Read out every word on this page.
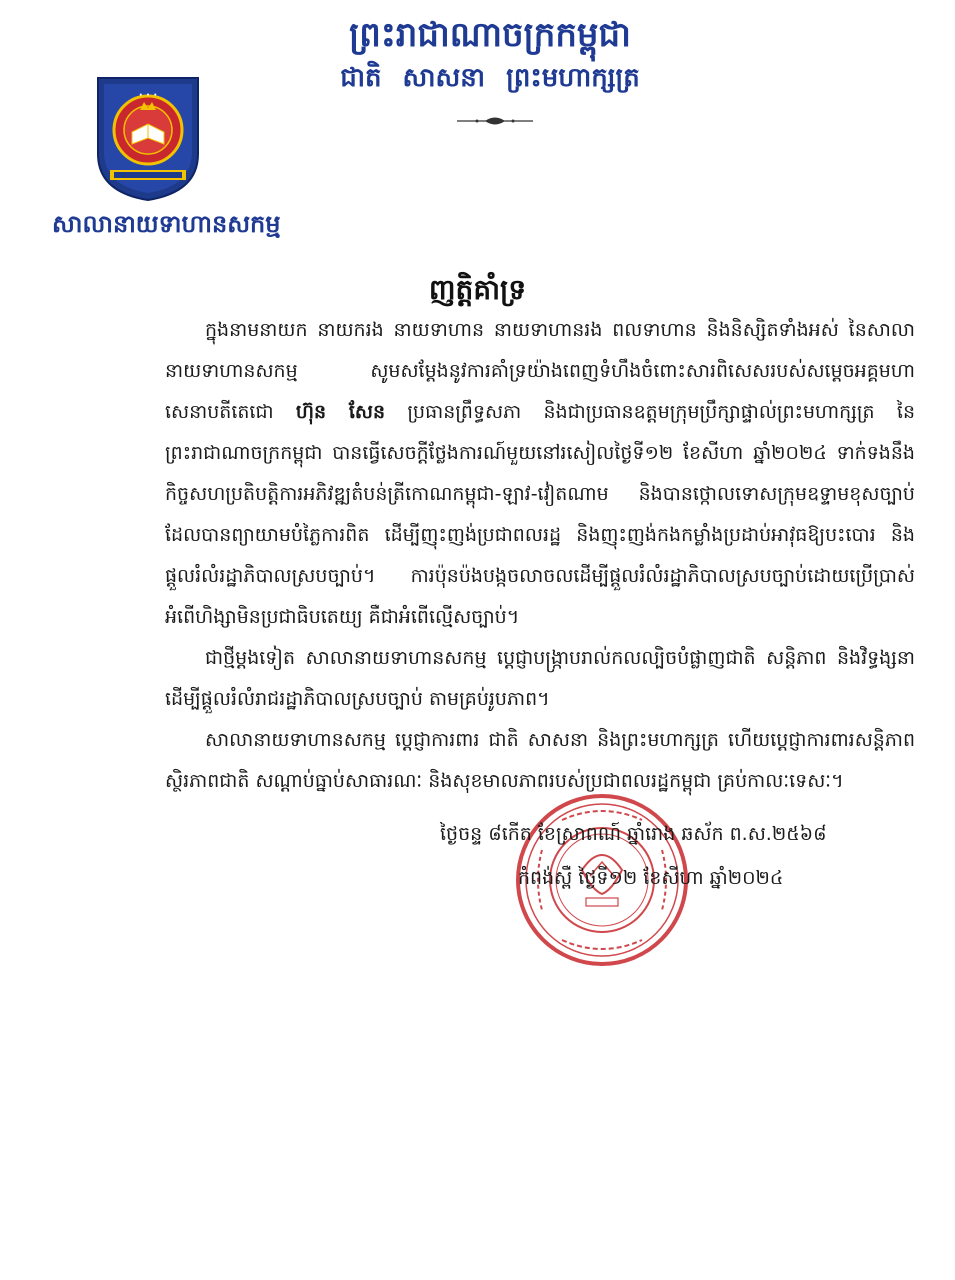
ព្រះរាជាណាចក្រកម្ពុជា
ជាតិ សាសនា ព្រះមហាក្សត្រ
· · ·
សាលានាយទាហានសកម្ម
ញត្តិគាំទ្រ

ក្នុងនាមនាយក នាយករង នាយទាហាន នាយទាហានរង ពលទាហាន និងនិស្សិតទាំងអស់ នៃសាលានាយទាហានសកម្ម សូមសម្តែងនូវការគាំទ្រយ៉ាងពេញទំហឹងចំពោះសារពិសេសរបស់សម្តេចអគ្គមហាសេនាបតីតេជោ ហ៊ុន សែន ប្រធានព្រឹទ្ធសភា និងជាប្រធានឧត្តមក្រុមប្រឹក្សាផ្ទាល់ព្រះមហាក្សត្រ នៃព្រះរាជាណាចក្រកម្ពុជា បានធ្វើសេចក្តីថ្លែងការណ៍មួយនៅរសៀលថ្ងៃទី១២ ខែសីហា ឆ្នាំ២០២៤ ទាក់ទងនឹងកិច្ចសហប្រតិបត្តិការអភិវឌ្ឍតំបន់ត្រីកោណកម្ពុជា-ឡាវ-វៀតណាម និងបានថ្កោលទោសក្រុមឧទ្ទាមខុសច្បាប់ ដែលបានព្យាយាមបំភ្លៃការពិត ដើម្បីញុះញង់ប្រជាពលរដ្ឋ និងញុះញង់កងកម្លាំងប្រដាប់អាវុធឱ្យបះបោរ និងផ្តួលរំលំរដ្ឋាភិបាលស្របច្បាប់។ ការប៉ុនប៉ងបង្កចលាចលដើម្បីផ្តួលរំលំរដ្ឋាភិបាលស្របច្បាប់ដោយប្រើប្រាស់អំពើហិង្សាមិនប្រជាធិបតេយ្យ គឺជាអំពើល្មើសច្បាប់។

ជាថ្មីម្តងទៀត សាលានាយទាហានសកម្ម ប្តេជ្ញាបង្ក្រាបរាល់កលល្បិចបំផ្លាញជាតិ សន្តិភាព និងវិទ្ធង្សនា ដើម្បីផ្តួលរំលំរាជរដ្ឋាភិបាលស្របច្បាប់ តាមគ្រប់រូបភាព។

សាលានាយទាហានសកម្ម ប្តេជ្ញាការពារ ជាតិ សាសនា និងព្រះមហាក្សត្រ ហើយប្តេជ្ញាការពារសន្តិភាព ស្ថិរភាពជាតិ សណ្តាប់ធ្នាប់សាធារណៈ និងសុខមាលភាពរបស់ប្រជាពលរដ្ឋកម្ពុជា គ្រប់កាលៈទេសៈ។

ថ្ងៃចន្ទ ៨កើត ខែស្រាពណ៍ ឆ្នាំរោង ឆស័ក ព.ស.២៥៦៨
កំពង់ស្ពឺ ថ្ងៃទី១២ ខែសីហា ឆ្នាំ២០២៤
